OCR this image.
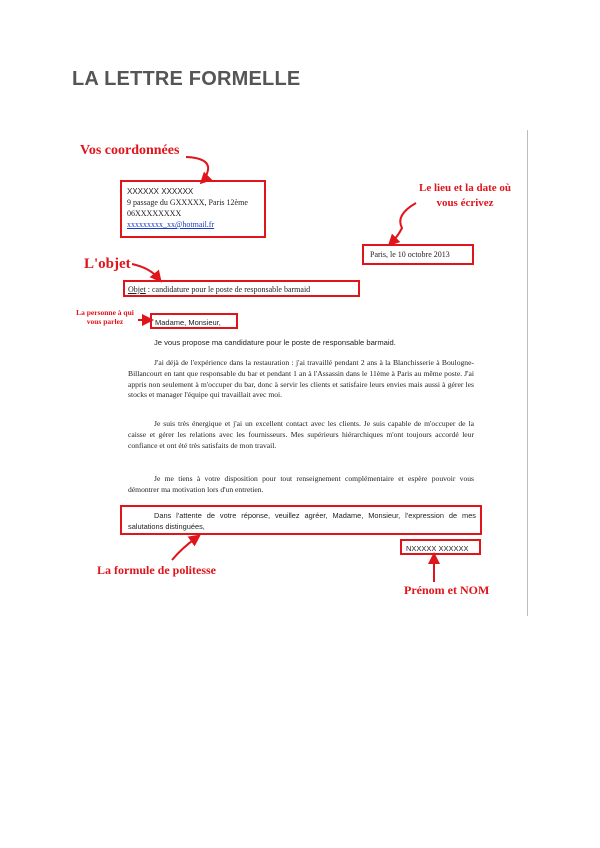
LA LETTRE FORMELLE
Vos coordonnées
Le lieu et la date où vous écrivez
L'objet
La personne à qui vous parlez
La formule de politesse
Prénom et NOM
XXXXXX XXXXXX
9 passage du GXXXXX, Paris 12ème
06XXXXXXXX
xxxxxxxxx_xx@hotmail.fr
Paris, le 10 octobre 2013
Objet : candidature pour le poste de responsable barmaid
Madame, Monsieur,
Je vous propose ma candidature pour le poste de responsable barmaid.
J'ai déjà de l'expérience dans la restauration : j'ai travaillé pendant 2 ans à la Blanchisserie à Boulogne-Billancourt en tant que responsable du bar et pendant 1 an à l'Assassin dans le 11ème à Paris au même poste. J'ai appris non seulement à m'occuper du bar, donc à servir les clients et satisfaire leurs envies mais aussi à gérer les stocks et manager l'équipe qui travaillait avec moi.
Je suis très énergique et j'ai un excellent contact avec les clients. Je suis capable de m'occuper de la caisse et gérer les relations avec les fournisseurs. Mes supérieurs hiérarchiques m'ont toujours accordé leur confiance et ont été très satisfaits de mon travail.
Je me tiens à votre disposition pour tout renseignement complémentaire et espère pouvoir vous démontrer ma motivation lors d'un entretien.
Dans l'attente de votre réponse, veuillez agréer, Madame, Monsieur, l'expression de mes salutations distinguées,
NXXXXX XXXXXX
